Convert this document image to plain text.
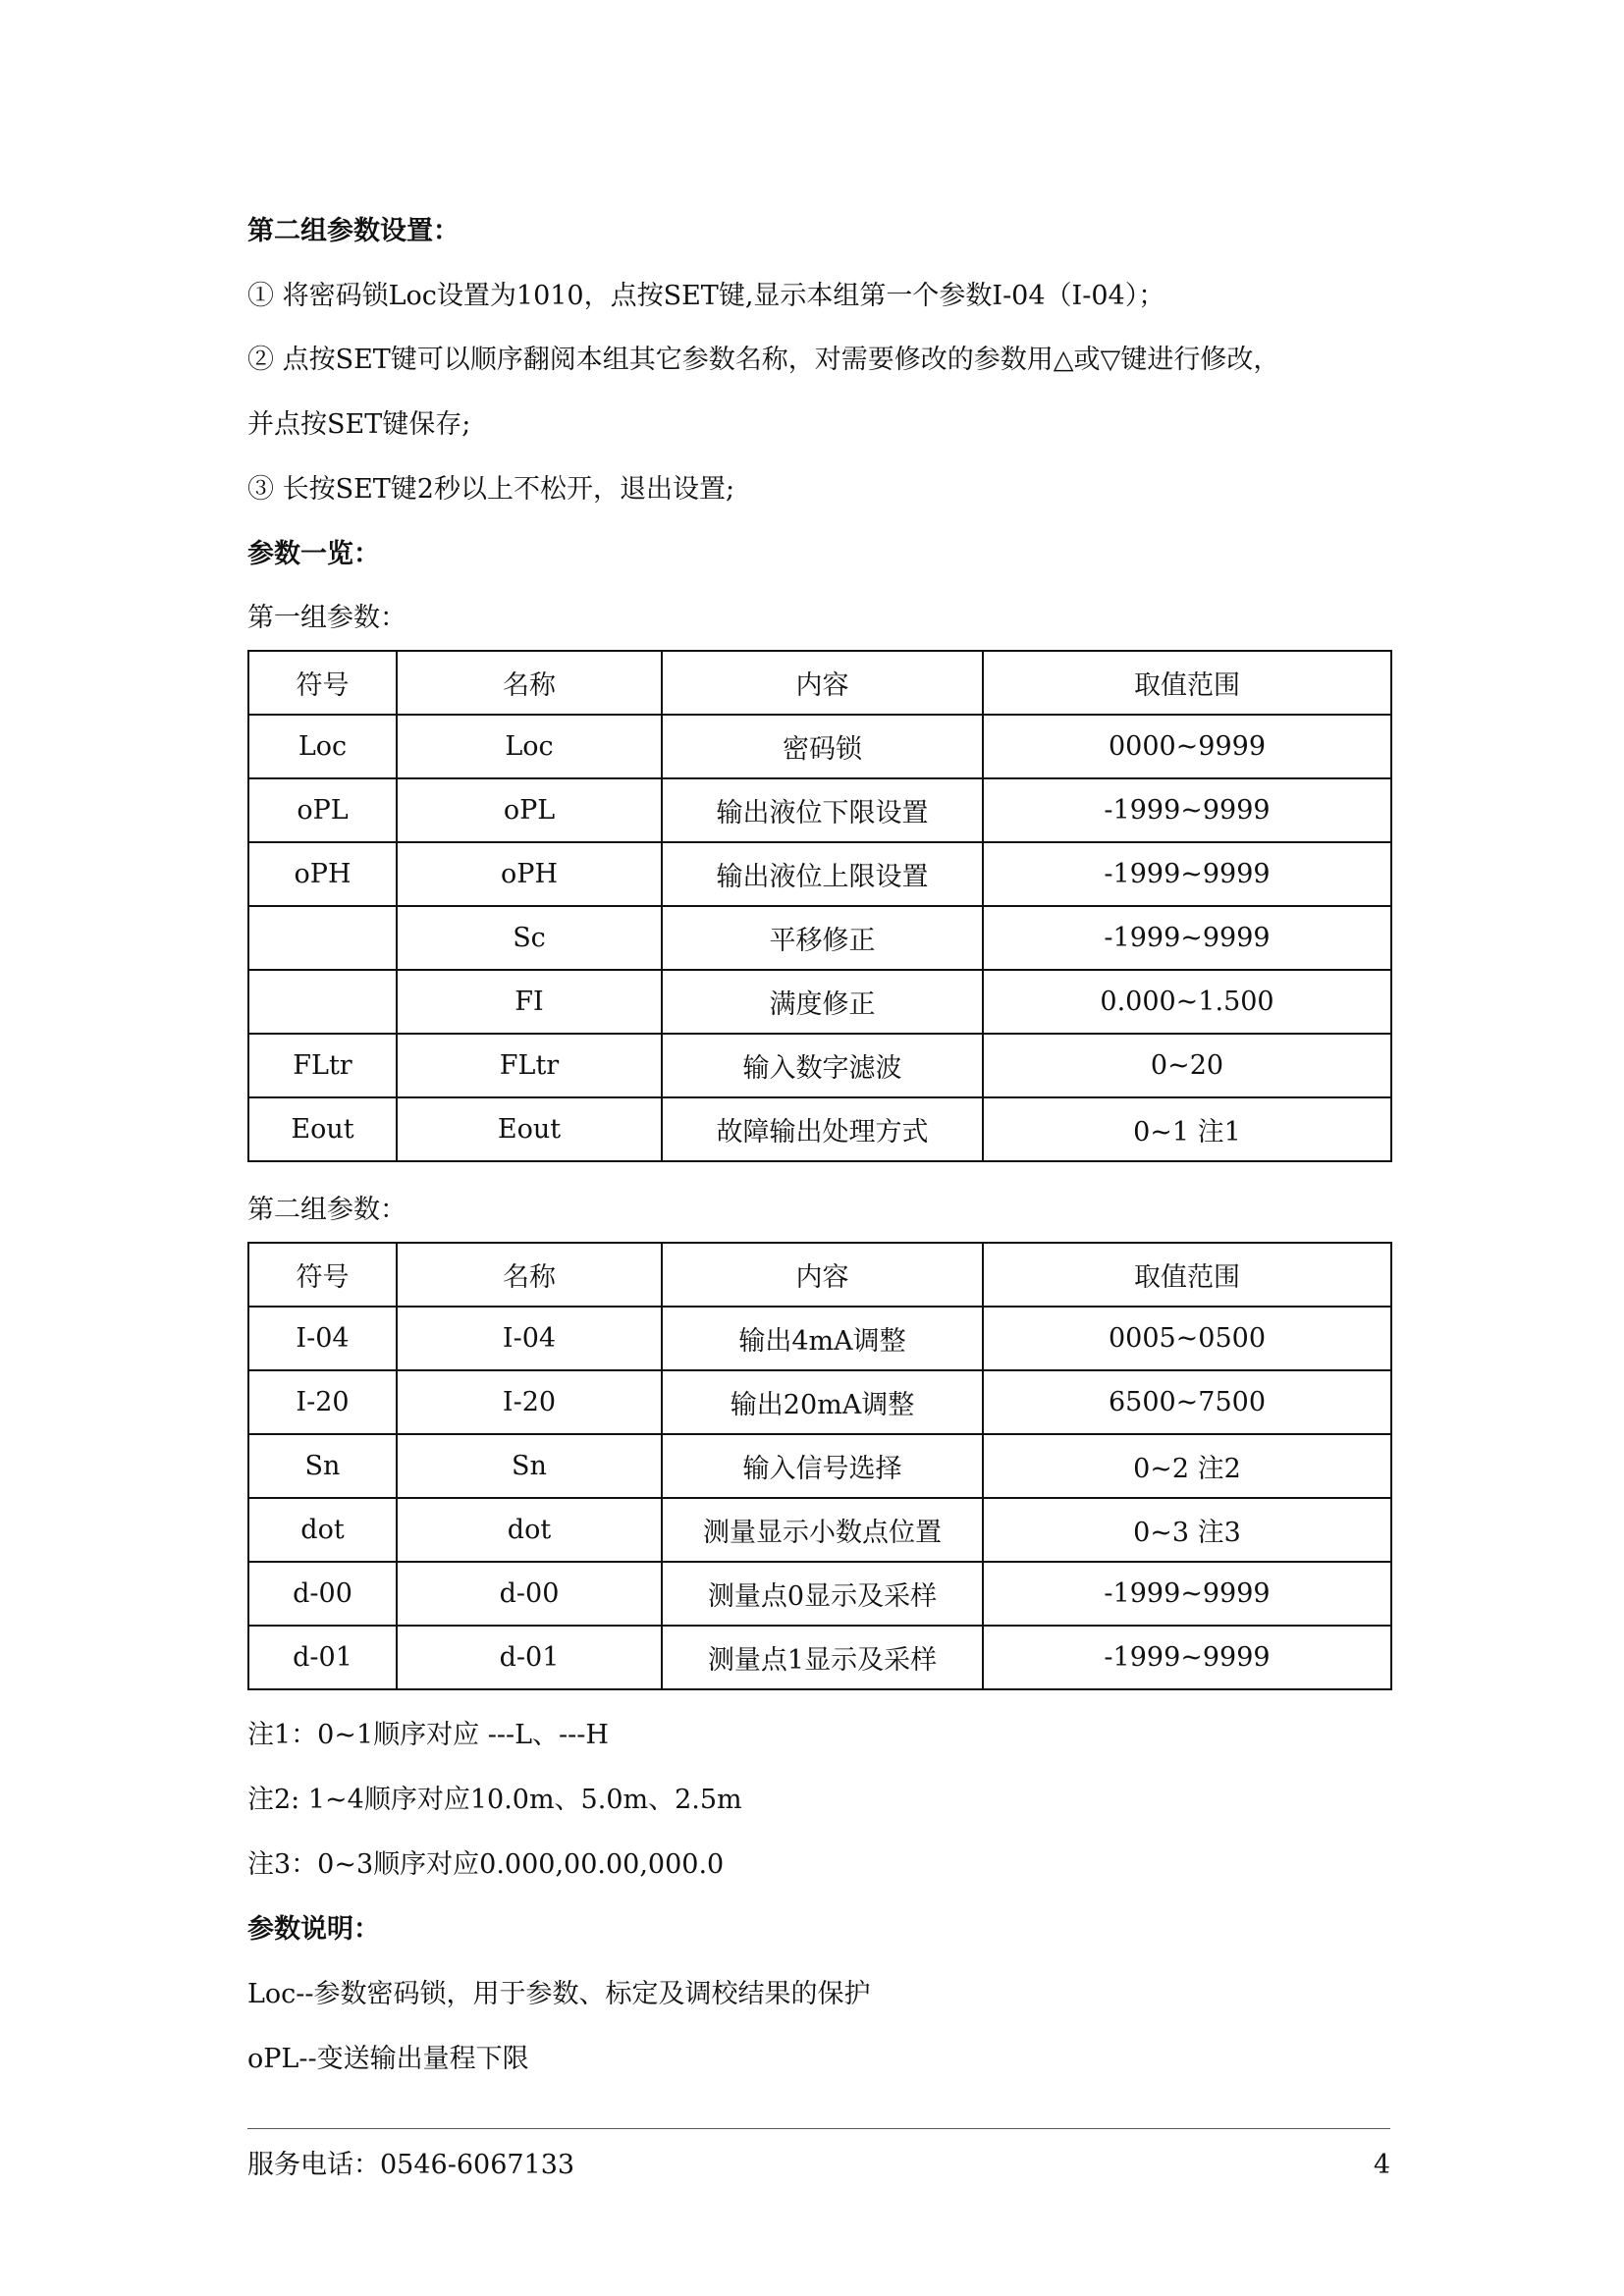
第二组参数设置：
① 将密码锁Loc设置为1010，点按SET键,显示本组第一个参数I-04（I-04）；
② 点按SET键可以顺序翻阅本组其它参数名称，对需要修改的参数用△或▽键进行修改，
并点按SET键保存;
③ 长按SET键2秒以上不松开，退出设置;
参数一览：
第一组参数：
符号	名称	内容	取值范围
Loc	Loc	密码锁	0000~9999
oPL	oPL	输出液位下限设置	-1999~9999
oPH	oPH	输出液位上限设置	-1999~9999
	Sc	平移修正	-1999~9999
	FI	满度修正	0.000~1.500
FLtr	FLtr	输入数字滤波	0~20
Eout	Eout	故障输出处理方式	0~1 注1
第二组参数：
符号	名称	内容	取值范围
I-04	I-04	输出4mA调整	0005~0500
I-20	I-20	输出20mA调整	6500~7500
Sn	Sn	输入信号选择	0~2 注2
dot	dot	测量显示小数点位置	0~3 注3
d-00	d-00	测量点0显示及采样	-1999~9999
d-01	d-01	测量点1显示及采样	-1999~9999
注1：0~1顺序对应 ---L、---H
注2: 1~4顺序对应10.0m、5.0m、2.5m
注3：0~3顺序对应0.000,00.00,000.0
参数说明：
Loc--参数密码锁，用于参数、标定及调校结果的保护
oPL--变送输出量程下限
服务电话：0546-6067133	4
